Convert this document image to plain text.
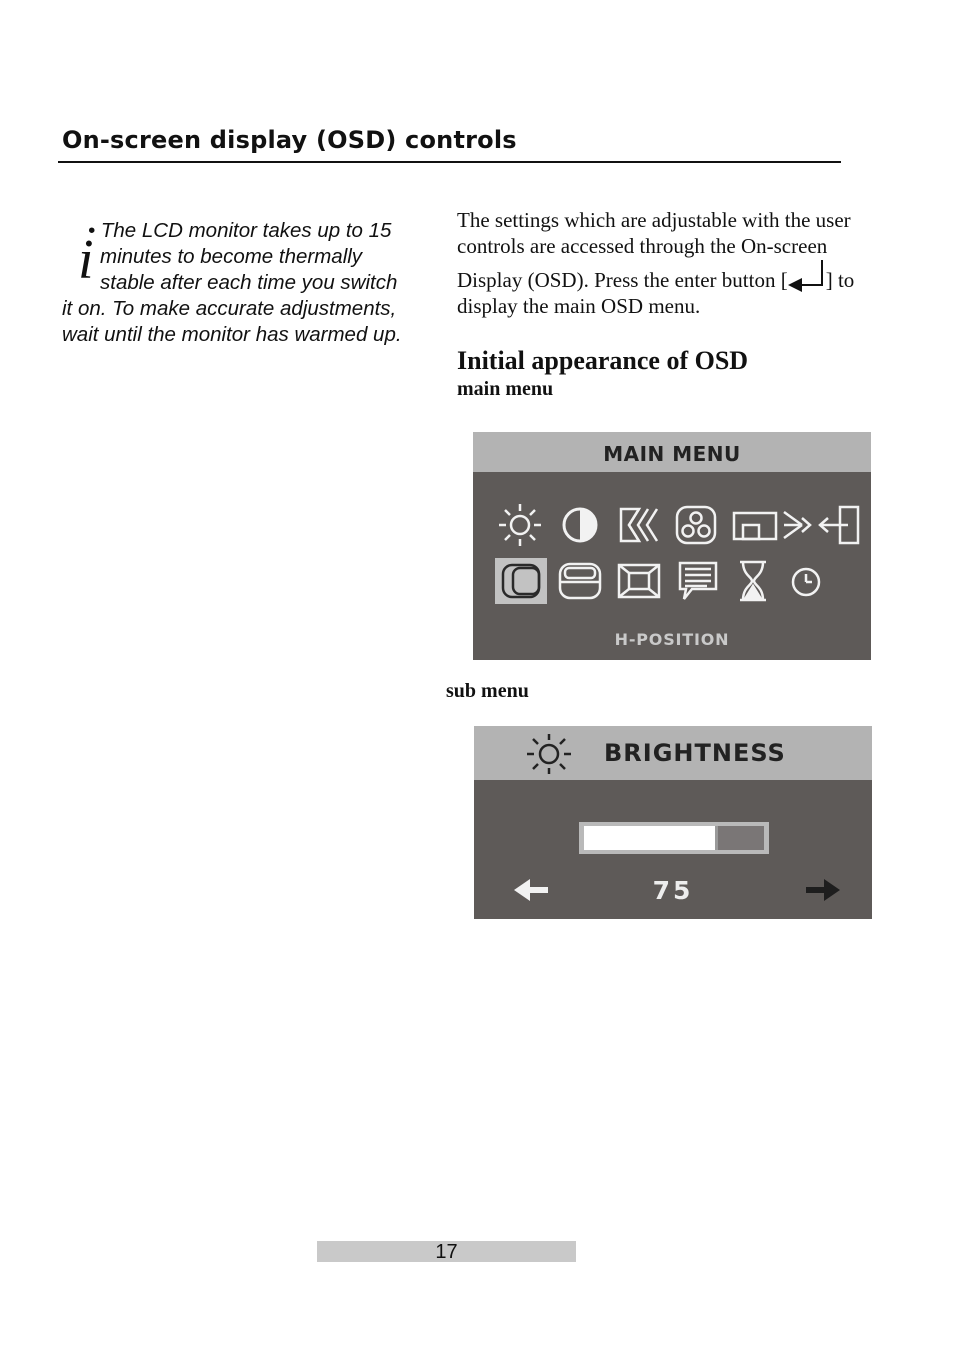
On-screen display (OSD) controls
i
• The LCD monitor takes up to 15
minutes to become thermally
stable after each time you switch
it on. To make accurate adjustments,
wait until the monitor has warmed up.
The settings which are adjustable with the user
controls are accessed through the On-screen
Display (OSD). Press the enter button [ ] to
display the main OSD menu.
Initial appearance of OSD
main menu
MAIN MENU
H-POSITION
sub menu
BRIGHTNESS
75
17
